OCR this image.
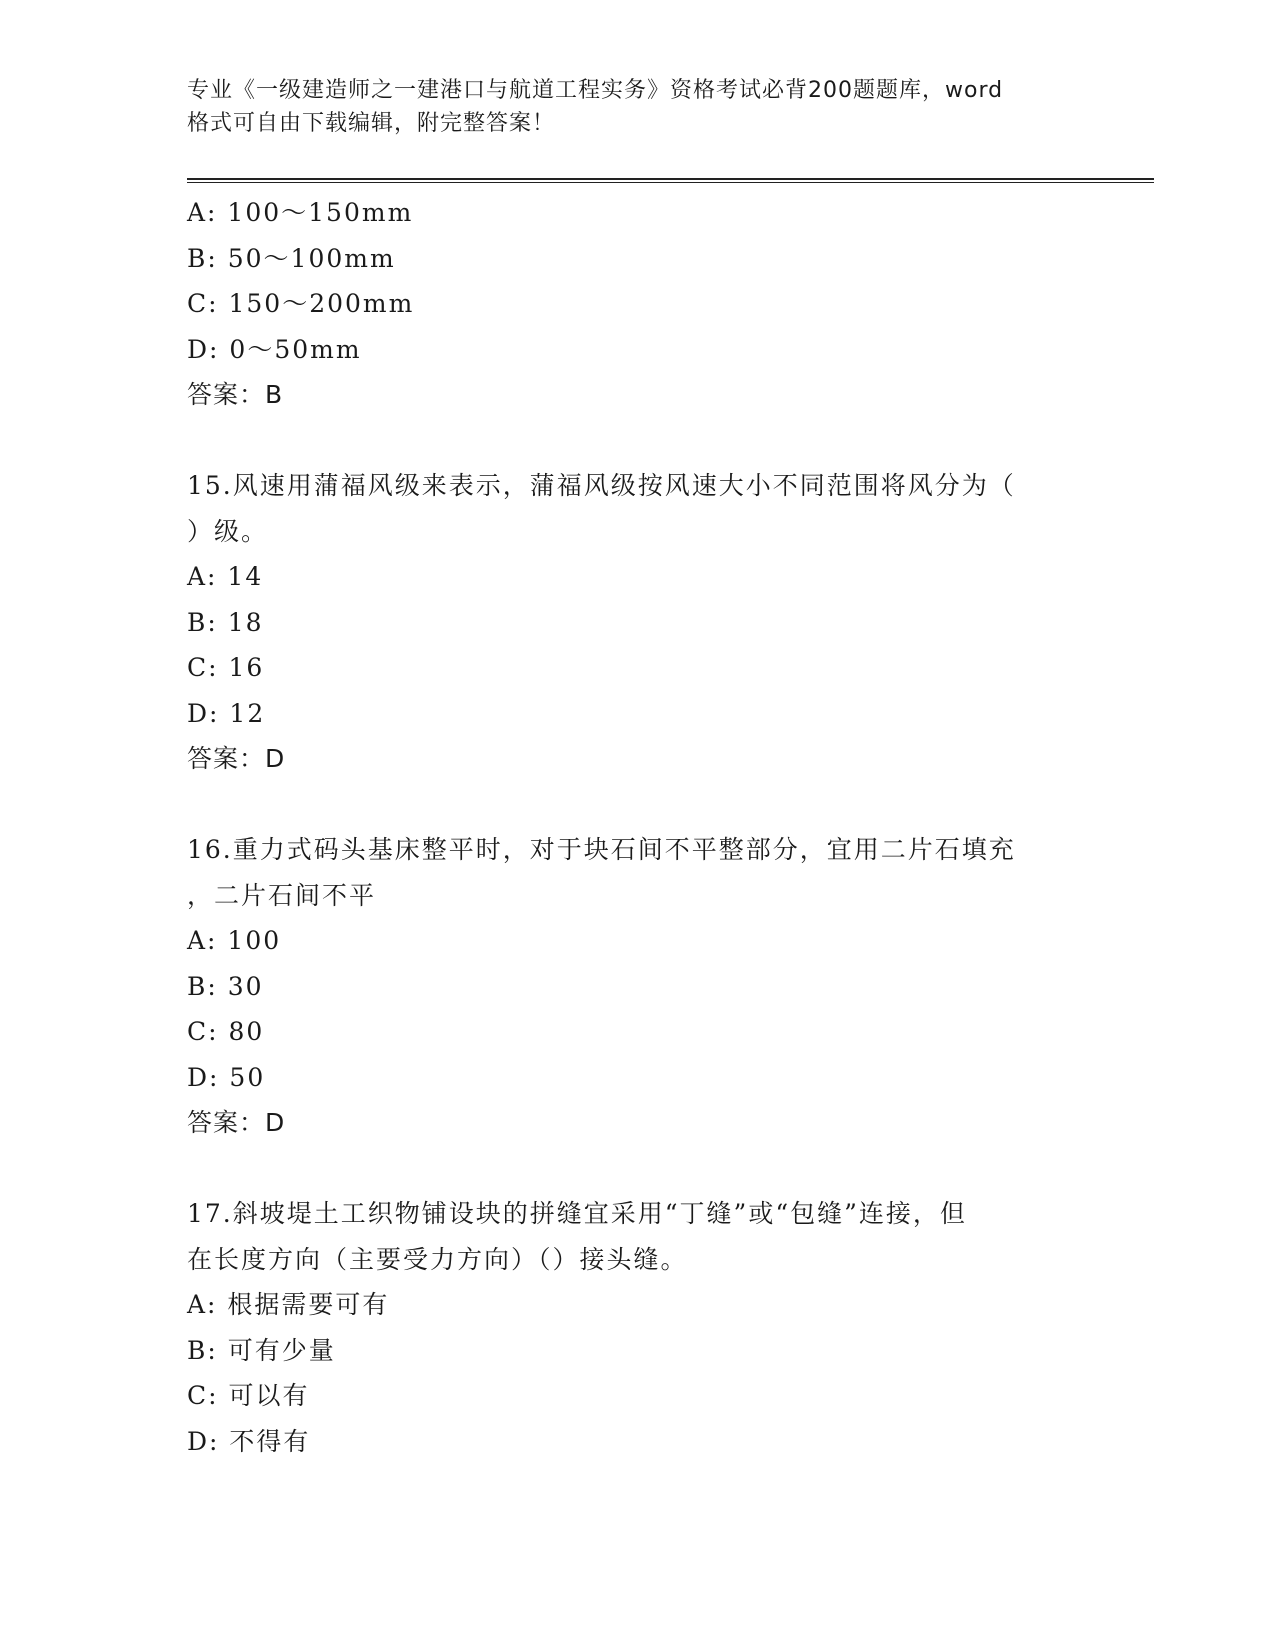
专业《一级建造师之一建港口与航道工程实务》资格考试必背200题题库，word
格式可自由下载编辑，附完整答案！
A: 100～150mm
B: 50～100mm
C: 150～200mm
D: 0～50mm
答案：B
15.风速用蒲福风级来表示，蒲福风级按风速大小不同范围将风分为（
）级。
A: 14
B: 18
C: 16
D: 12
答案：D
16.重力式码头基床整平时，对于块石间不平整部分，宜用二片石填充
，二片石间不平
A: 100
B: 30
C: 80
D: 50
答案：D
17.斜坡堤土工织物铺设块的拼缝宜采用“丁缝”或“包缝”连接，但
在长度方向（主要受力方向）（）接头缝。
A: 根据需要可有
B: 可有少量
C: 可以有
D: 不得有
